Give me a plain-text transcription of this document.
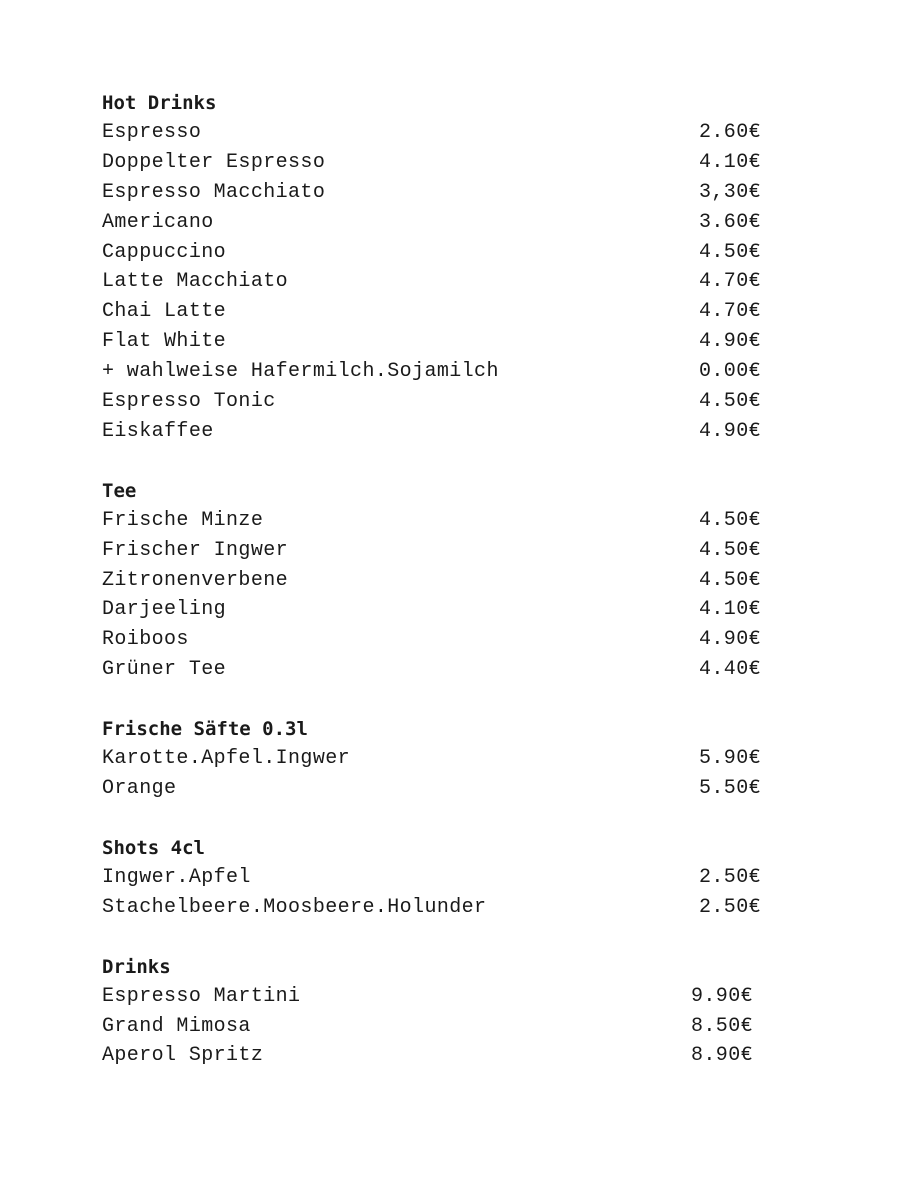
Hot Drinks
Espresso	2.60€
Doppelter Espresso	4.10€
Espresso Macchiato	3,30€
Americano	3.60€
Cappuccino	4.50€
Latte Macchiato	4.70€
Chai Latte	4.70€
Flat White	4.90€
+ wahlweise Hafermilch.Sojamilch	0.00€
Espresso Tonic	4.50€
Eiskaffee	4.90€
Tee
Frische Minze	4.50€
Frischer Ingwer	4.50€
Zitronenverbene	4.50€
Darjeeling	4.10€
Roiboos	4.90€
Grüner Tee	4.40€
Frische Säfte 0.3l
Karotte.Apfel.Ingwer	5.90€
Orange	5.50€
Shots 4cl
Ingwer.Apfel	2.50€
Stachelbeere.Moosbeere.Holunder	2.50€
Drinks
Espresso Martini	9.90€
Grand Mimosa	8.50€
Aperol Spritz	8.90€
